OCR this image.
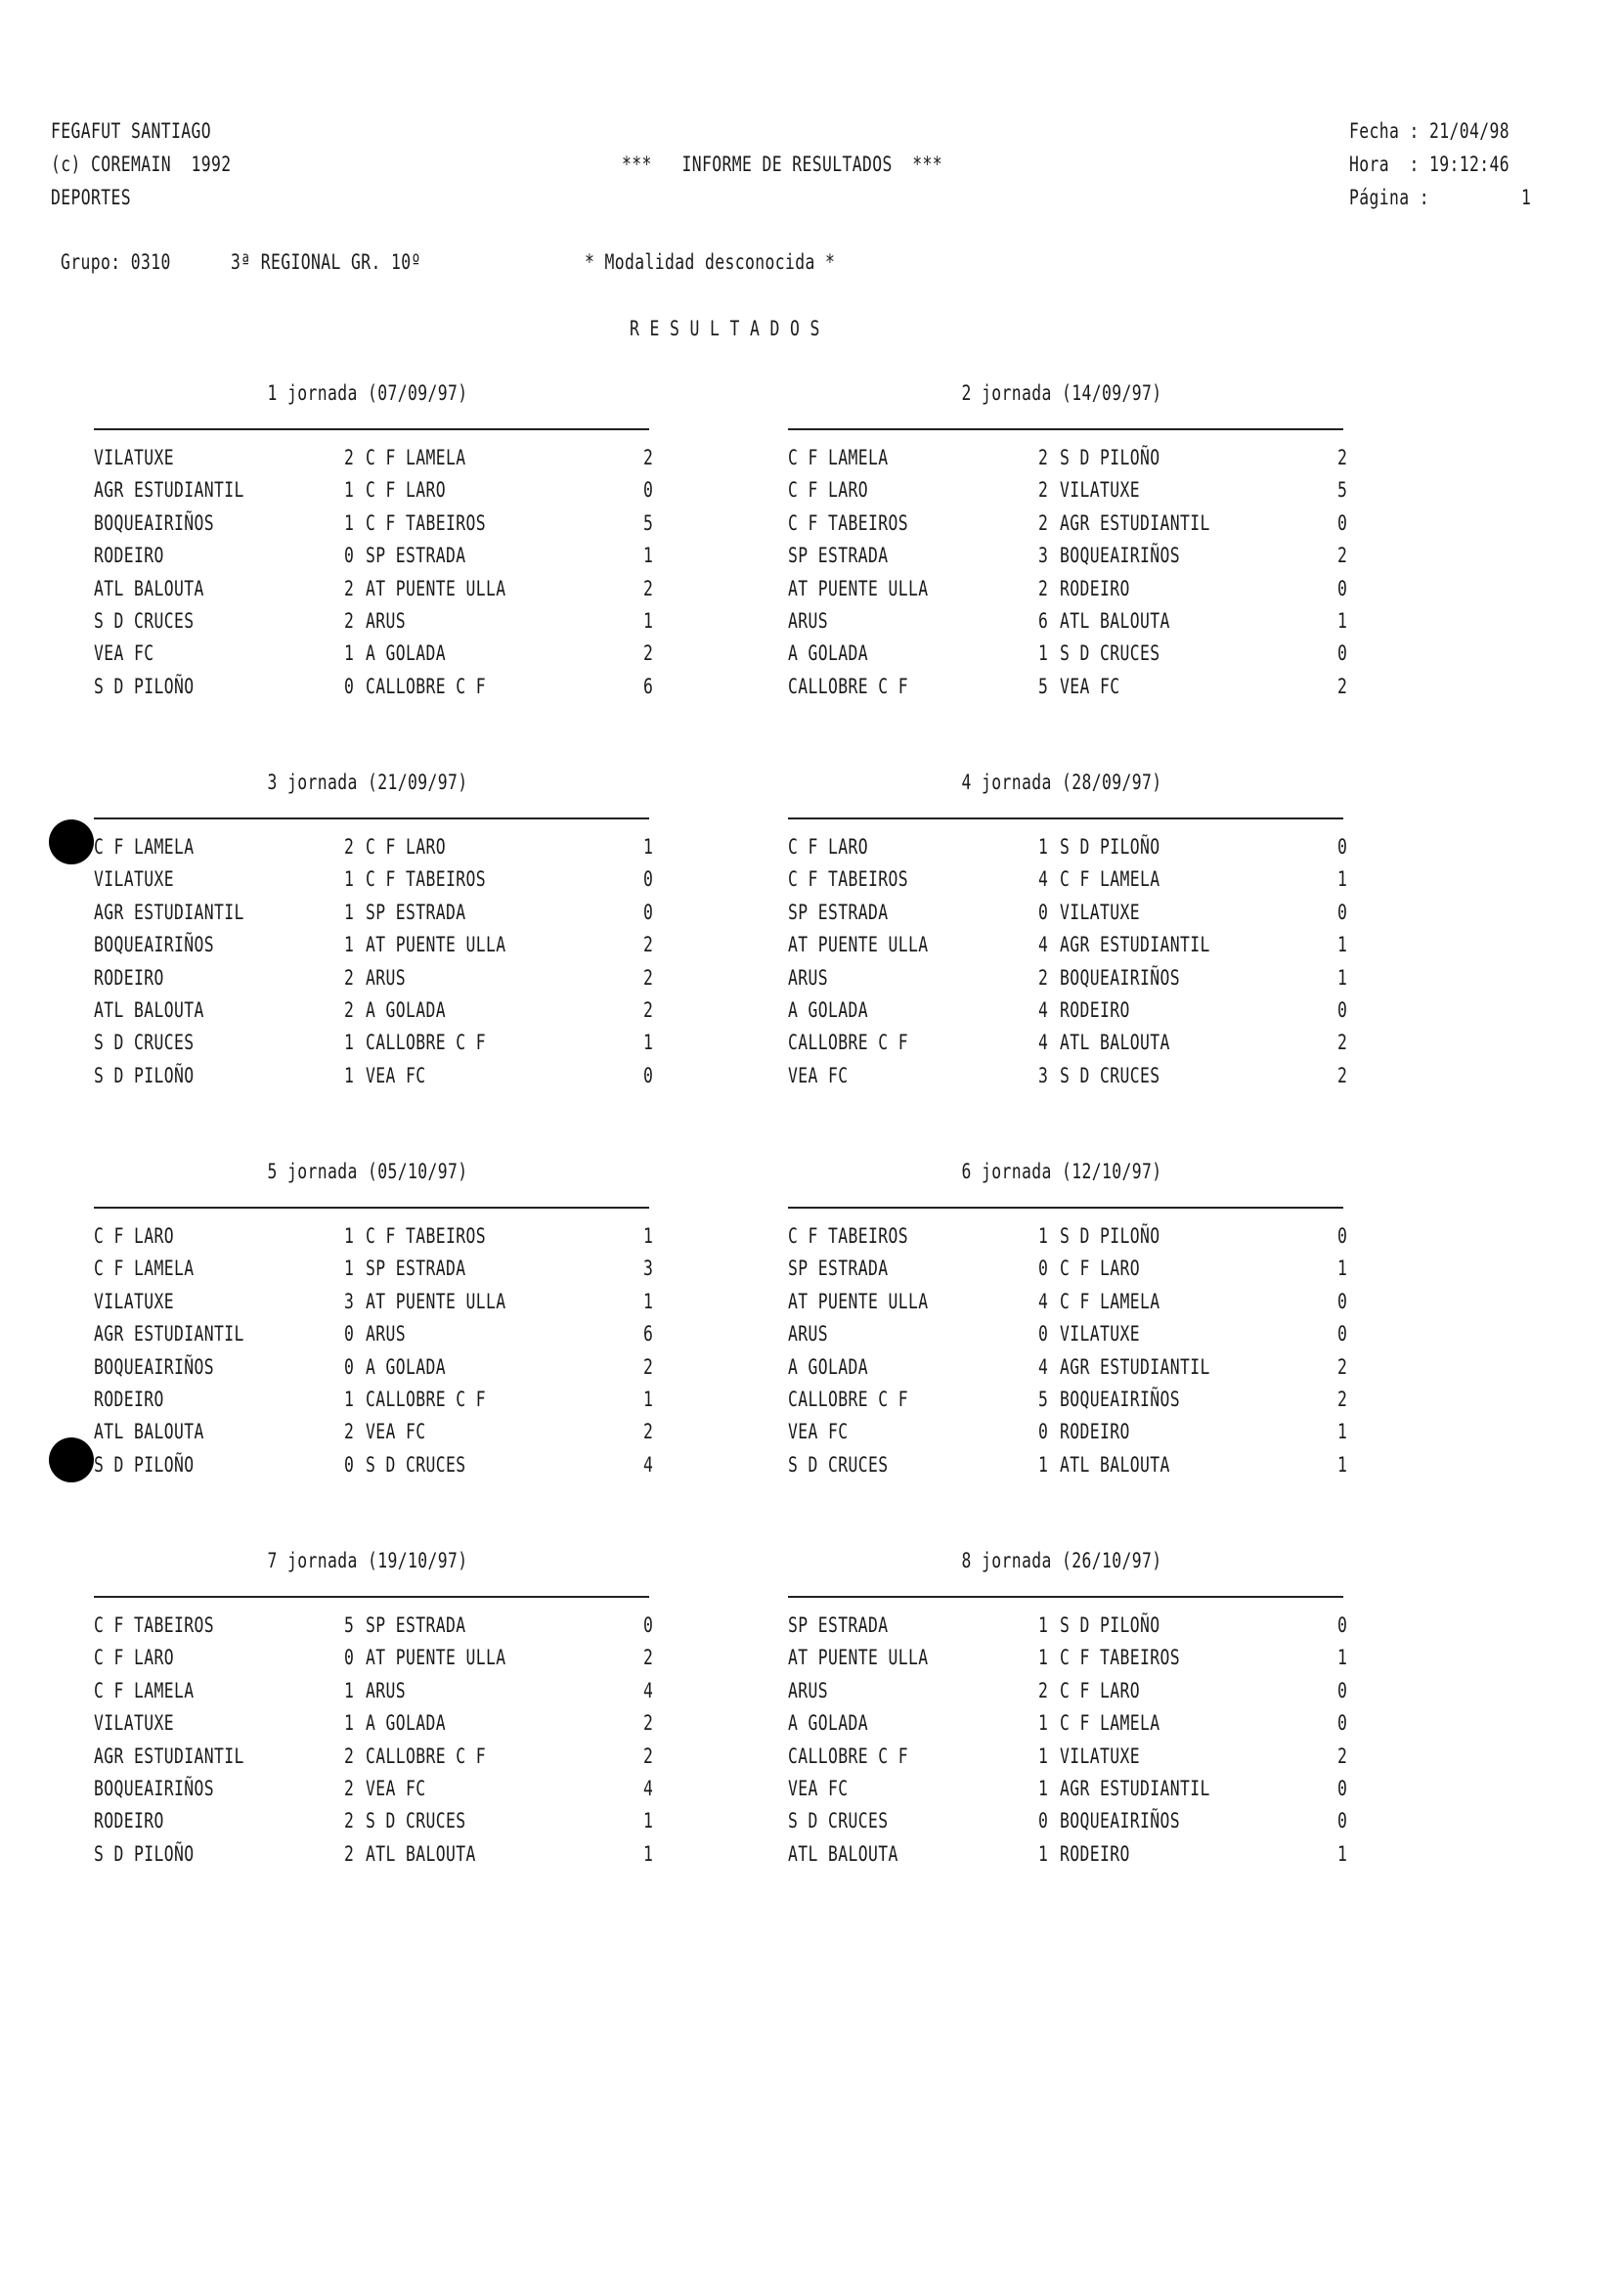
FEGAFUT SANTIAGO
(c) COREMAIN  1992
DEPORTES
***   INFORME DE RESULTADOS  ***
Fecha : 21/04/98
Hora  : 19:12:46
Página :	1
Grupo: 0310	3ª REGIONAL GR. 10º	* Modalidad desconocida *
R E S U L T A D O S
1 jornada (07/09/97)
VILATUXE	2 C F LAMELA	2
AGR ESTUDIANTIL	1 C F LARO	0
BOQUEAIRIÑOS	1 C F TABEIROS	5
RODEIRO	0 SP ESTRADA	1
ATL BALOUTA	2 AT PUENTE ULLA	2
S D CRUCES	2 ARUS	1
VEA FC	1 A GOLADA	2
S D PILOÑO	0 CALLOBRE C F	6
2 jornada (14/09/97)
C F LAMELA	2 S D PILOÑO	2
C F LARO	2 VILATUXE	5
C F TABEIROS	2 AGR ESTUDIANTIL	0
SP ESTRADA	3 BOQUEAIRIÑOS	2
AT PUENTE ULLA	2 RODEIRO	0
ARUS	6 ATL BALOUTA	1
A GOLADA	1 S D CRUCES	0
CALLOBRE C F	5 VEA FC	2
3 jornada (21/09/97)
C F LAMELA	2 C F LARO	1
VILATUXE	1 C F TABEIROS	0
AGR ESTUDIANTIL	1 SP ESTRADA	0
BOQUEAIRIÑOS	1 AT PUENTE ULLA	2
RODEIRO	2 ARUS	2
ATL BALOUTA	2 A GOLADA	2
S D CRUCES	1 CALLOBRE C F	1
S D PILOÑO	1 VEA FC	0
4 jornada (28/09/97)
C F LARO	1 S D PILOÑO	0
C F TABEIROS	4 C F LAMELA	1
SP ESTRADA	0 VILATUXE	0
AT PUENTE ULLA	4 AGR ESTUDIANTIL	1
ARUS	2 BOQUEAIRIÑOS	1
A GOLADA	4 RODEIRO	0
CALLOBRE C F	4 ATL BALOUTA	2
VEA FC	3 S D CRUCES	2
5 jornada (05/10/97)
C F LARO	1 C F TABEIROS	1
C F LAMELA	1 SP ESTRADA	3
VILATUXE	3 AT PUENTE ULLA	1
AGR ESTUDIANTIL	0 ARUS	6
BOQUEAIRIÑOS	0 A GOLADA	2
RODEIRO	1 CALLOBRE C F	1
ATL BALOUTA	2 VEA FC	2
S D PILOÑO	0 S D CRUCES	4
6 jornada (12/10/97)
C F TABEIROS	1 S D PILOÑO	0
SP ESTRADA	0 C F LARO	1
AT PUENTE ULLA	4 C F LAMELA	0
ARUS	0 VILATUXE	0
A GOLADA	4 AGR ESTUDIANTIL	2
CALLOBRE C F	5 BOQUEAIRIÑOS	2
VEA FC	0 RODEIRO	1
S D CRUCES	1 ATL BALOUTA	1
7 jornada (19/10/97)
C F TABEIROS	5 SP ESTRADA	0
C F LARO	0 AT PUENTE ULLA	2
C F LAMELA	1 ARUS	4
VILATUXE	1 A GOLADA	2
AGR ESTUDIANTIL	2 CALLOBRE C F	2
BOQUEAIRIÑOS	2 VEA FC	4
RODEIRO	2 S D CRUCES	1
S D PILOÑO	2 ATL BALOUTA	1
8 jornada (26/10/97)
SP ESTRADA	1 S D PILOÑO	0
AT PUENTE ULLA	1 C F TABEIROS	1
ARUS	2 C F LARO	0
A GOLADA	1 C F LAMELA	0
CALLOBRE C F	1 VILATUXE	2
VEA FC	1 AGR ESTUDIANTIL	0
S D CRUCES	0 BOQUEAIRIÑOS	0
ATL BALOUTA	1 RODEIRO	1
